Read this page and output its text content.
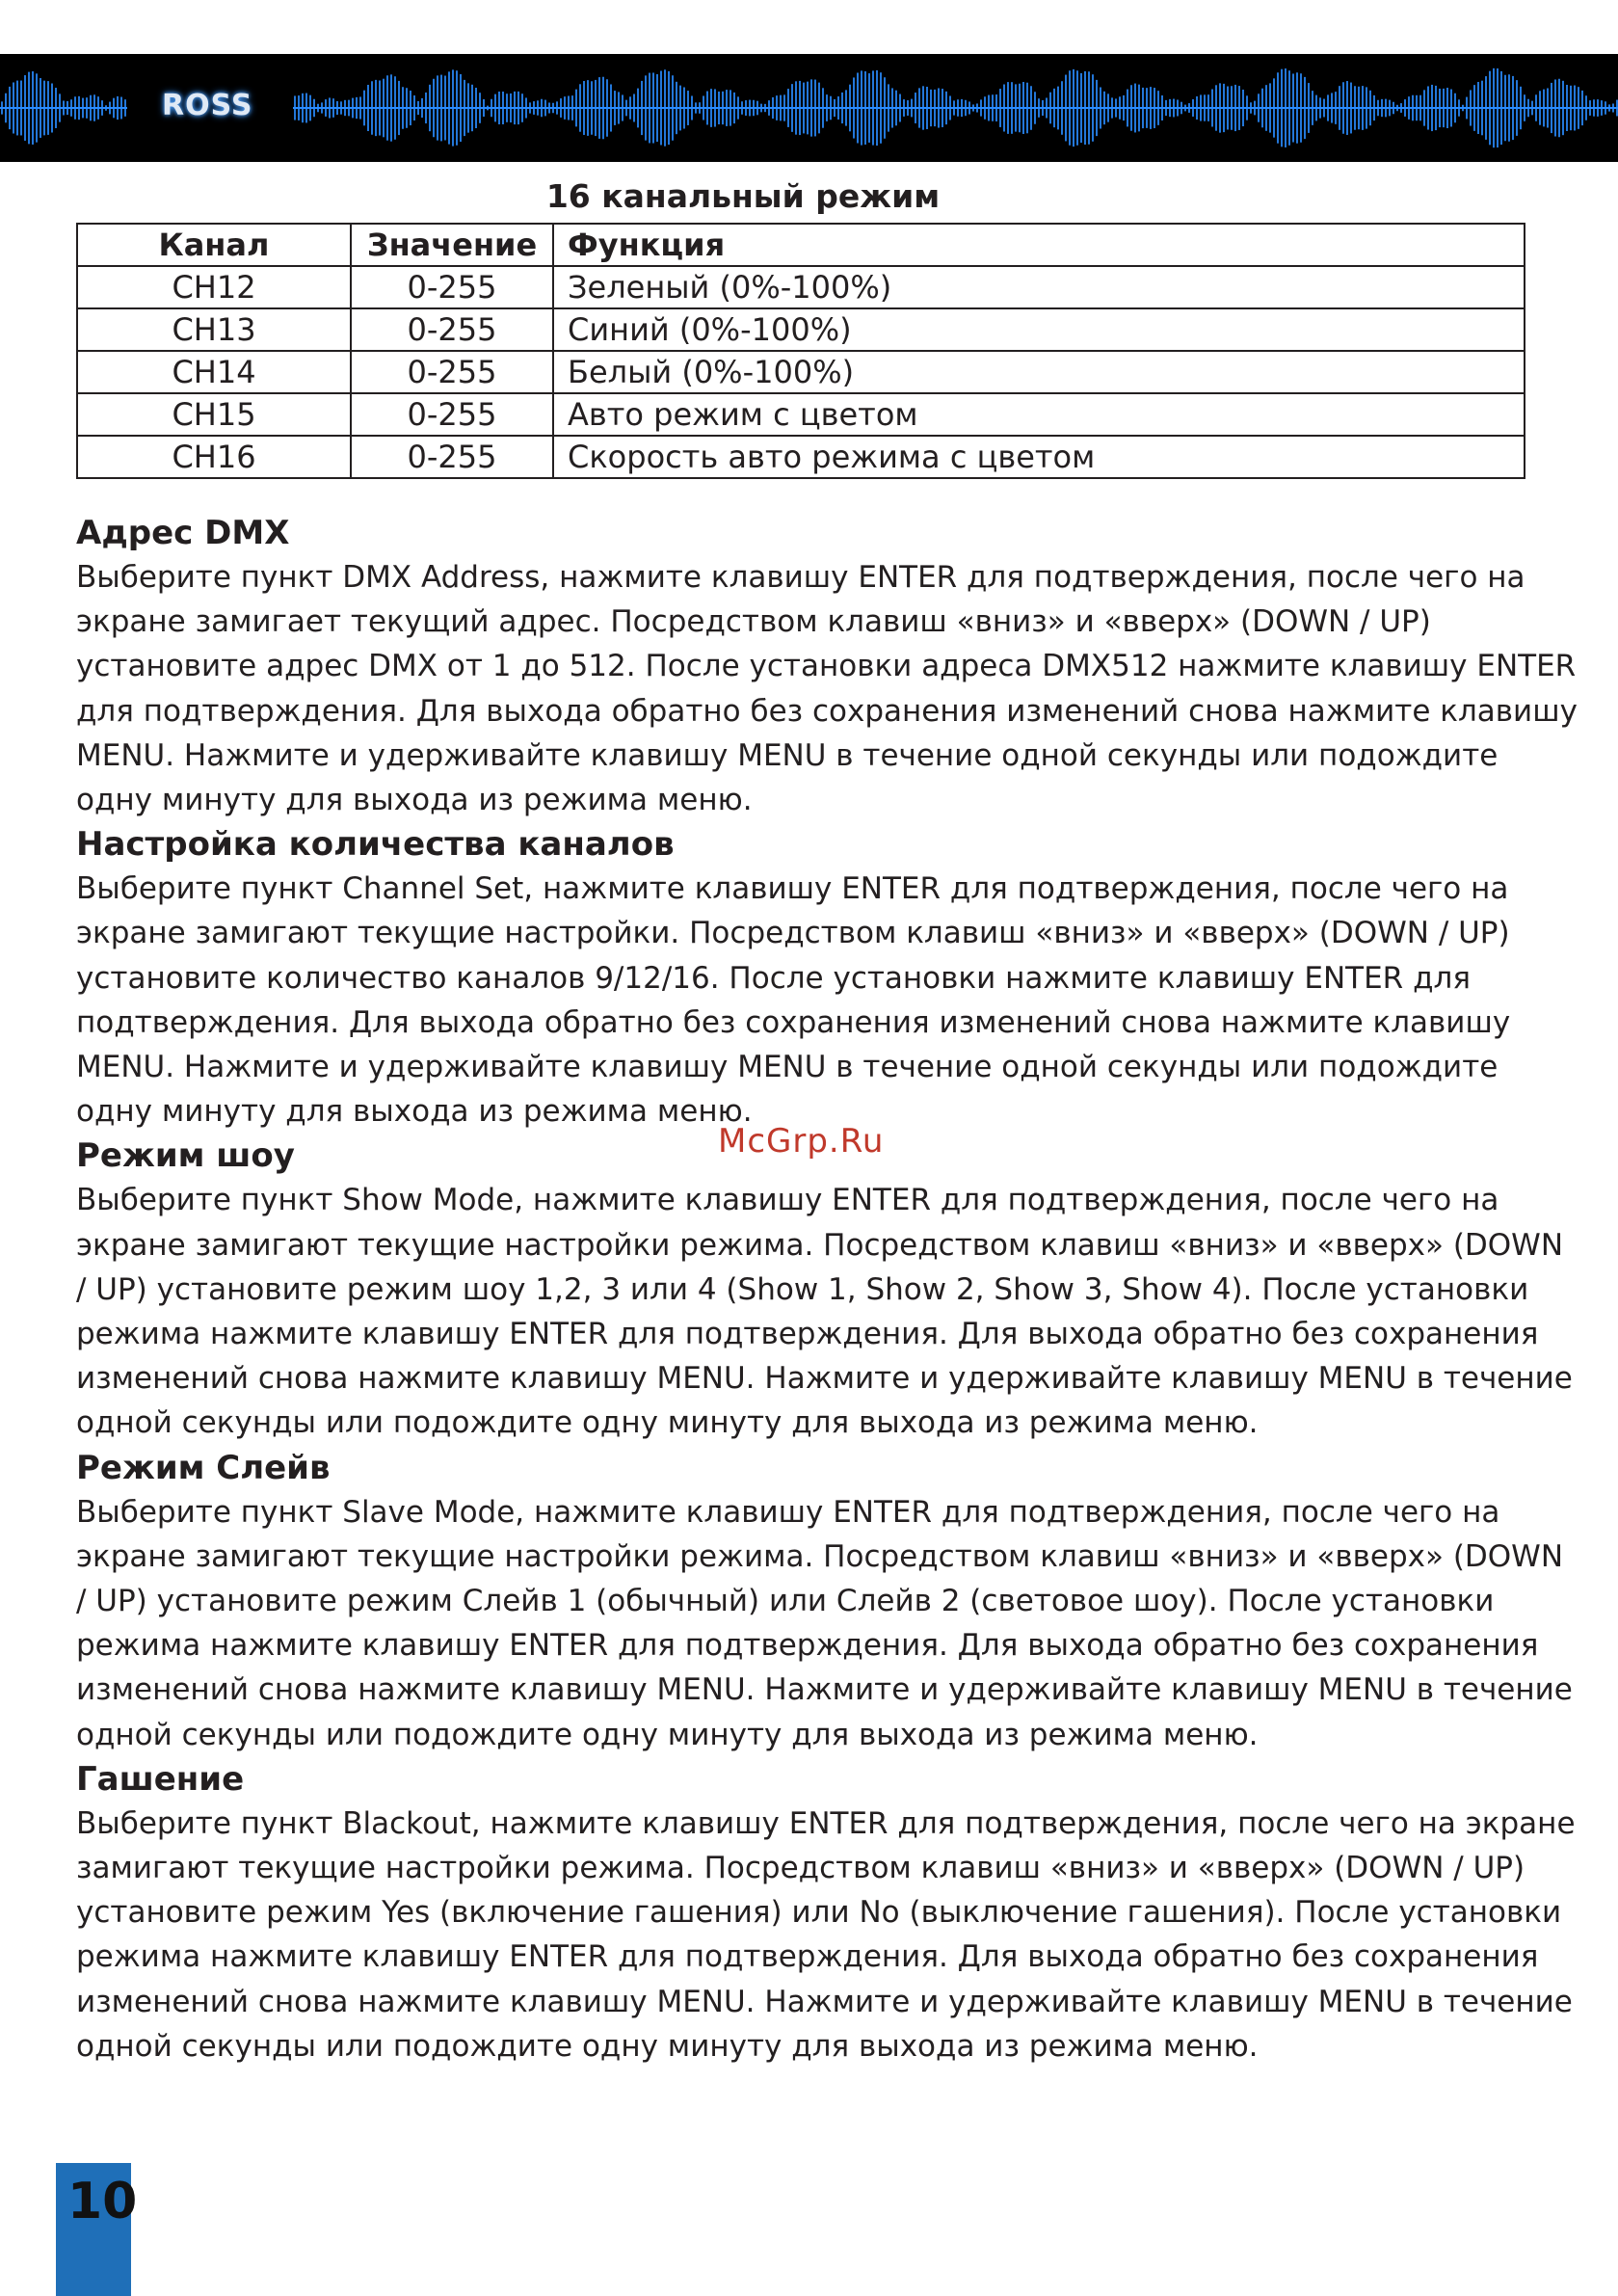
ROSS
16 канальный режим
Канал	Значение	Функция
CH12	0-255	Зеленый (0%-100%)
CH13	0-255	Синий (0%-100%)
CH14	0-255	Белый (0%-100%)
CH15	0-255	Авто режим с цветом
CH16	0-255	Скорость авто режима с цветом
Адрес DMX

Выберите пункт DMX Address, нажмите клавишу ENTER для подтверждения, после чего на экране замигает текущий адрес. Посредством клавиш «вниз» и «вверх» (DOWN / UP) установите адрес DMX от 1 до 512. После установки адреса DMX512 нажмите клавишу ENTER для подтверждения. Для выхода обратно без сохранения изменений снова нажмите клавишу MENU. Нажмите и удерживайте клавишу MENU в течение одной секунды или подождите одну минуту для выхода из режима меню.

Настройка количества каналов

Выберите пункт Channel Set, нажмите клавишу ENTER для подтверждения, после чего на экране замигают текущие настройки. Посредством клавиш «вниз» и «вверх» (DOWN / UP) установите количество каналов 9/12/16. После установки нажмите клавишу ENTER для подтверждения. Для выхода обратно без сохранения изменений снова нажмите клавишу MENU. Нажмите и удерживайте клавишу MENU в течение одной секунды или подождите одну минуту для выхода из режима меню.

Режим шоу

Выберите пункт Show Mode, нажмите клавишу ENTER для подтверждения, после чего на экране замигают текущие настройки режима. Посредством клавиш «вниз» и «вверх» (DOWN / UP) установите режим шоу 1,2, 3 или 4 (Show 1, Show 2, Show 3, Show 4). После установки режима нажмите клавишу ENTER для подтверждения. Для выхода обратно без сохранения изменений снова нажмите клавишу MENU. Нажмите и удерживайте клавишу MENU в течение одной секунды или подождите одну минуту для выхода из режима меню.

Режим Слейв

Выберите пункт Slave Mode, нажмите клавишу ENTER для подтверждения, после чего на экране замигают текущие настройки режима. Посредством клавиш «вниз» и «вверх» (DOWN / UP) установите режим Слейв 1 (обычный) или Слейв 2 (световое шоу). После установки режима нажмите клавишу ENTER для подтверждения. Для выхода обратно без сохранения изменений снова нажмите клавишу MENU. Нажмите и удерживайте клавишу MENU в течение одной секунды или подождите одну минуту для выхода из режима меню.

Гашение

Выберите пункт Blackout, нажмите клавишу ENTER для подтверждения, после чего на экране замигают текущие настройки режима. Посредством клавиш «вниз» и «вверх» (DOWN / UP) установите режим Yes (включение гашения) или No (выключение гашения). После установки режима нажмите клавишу ENTER для подтверждения. Для выхода обратно без сохранения изменений снова нажмите клавишу MENU. Нажмите и удерживайте клавишу MENU в течение одной секунды или подождите одну минуту для выхода из режима меню.

McGrp.Ru
10
